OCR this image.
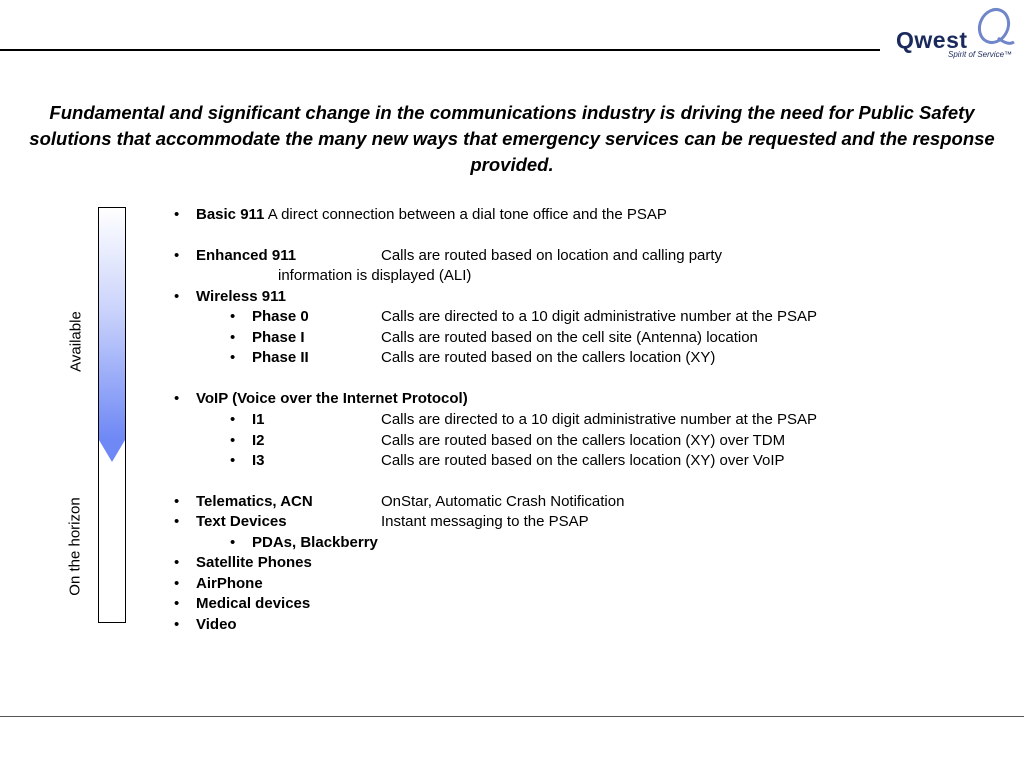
Qwest
Spirit of Service™
Fundamental and significant change in the communications industry is driving the need for Public Safety solutions that accommodate the many new ways that emergency services can be requested and the response provided.
Available
On the horizon
• Basic 911 A direct connection between a dial tone office and the PSAP
• Enhanced 911	Calls are routed based on location and calling party
information is displayed (ALI)
• Wireless 911
• Phase 0	Calls are directed to a 10 digit administrative number at the PSAP
• Phase I	Calls are routed based on the cell site (Antenna) location
• Phase II	Calls are routed based on the callers location (XY)
• VoIP (Voice over the Internet Protocol)
• I1	Calls are directed to a 10 digit administrative number at the PSAP
• I2	Calls are routed based on the callers location (XY) over TDM
• I3	Calls are routed based on the callers location (XY) over VoIP
• Telematics, ACN	OnStar, Automatic Crash Notification
• Text Devices	Instant messaging to the PSAP
• PDAs, Blackberry
• Satellite Phones
• AirPhone
• Medical devices
• Video
